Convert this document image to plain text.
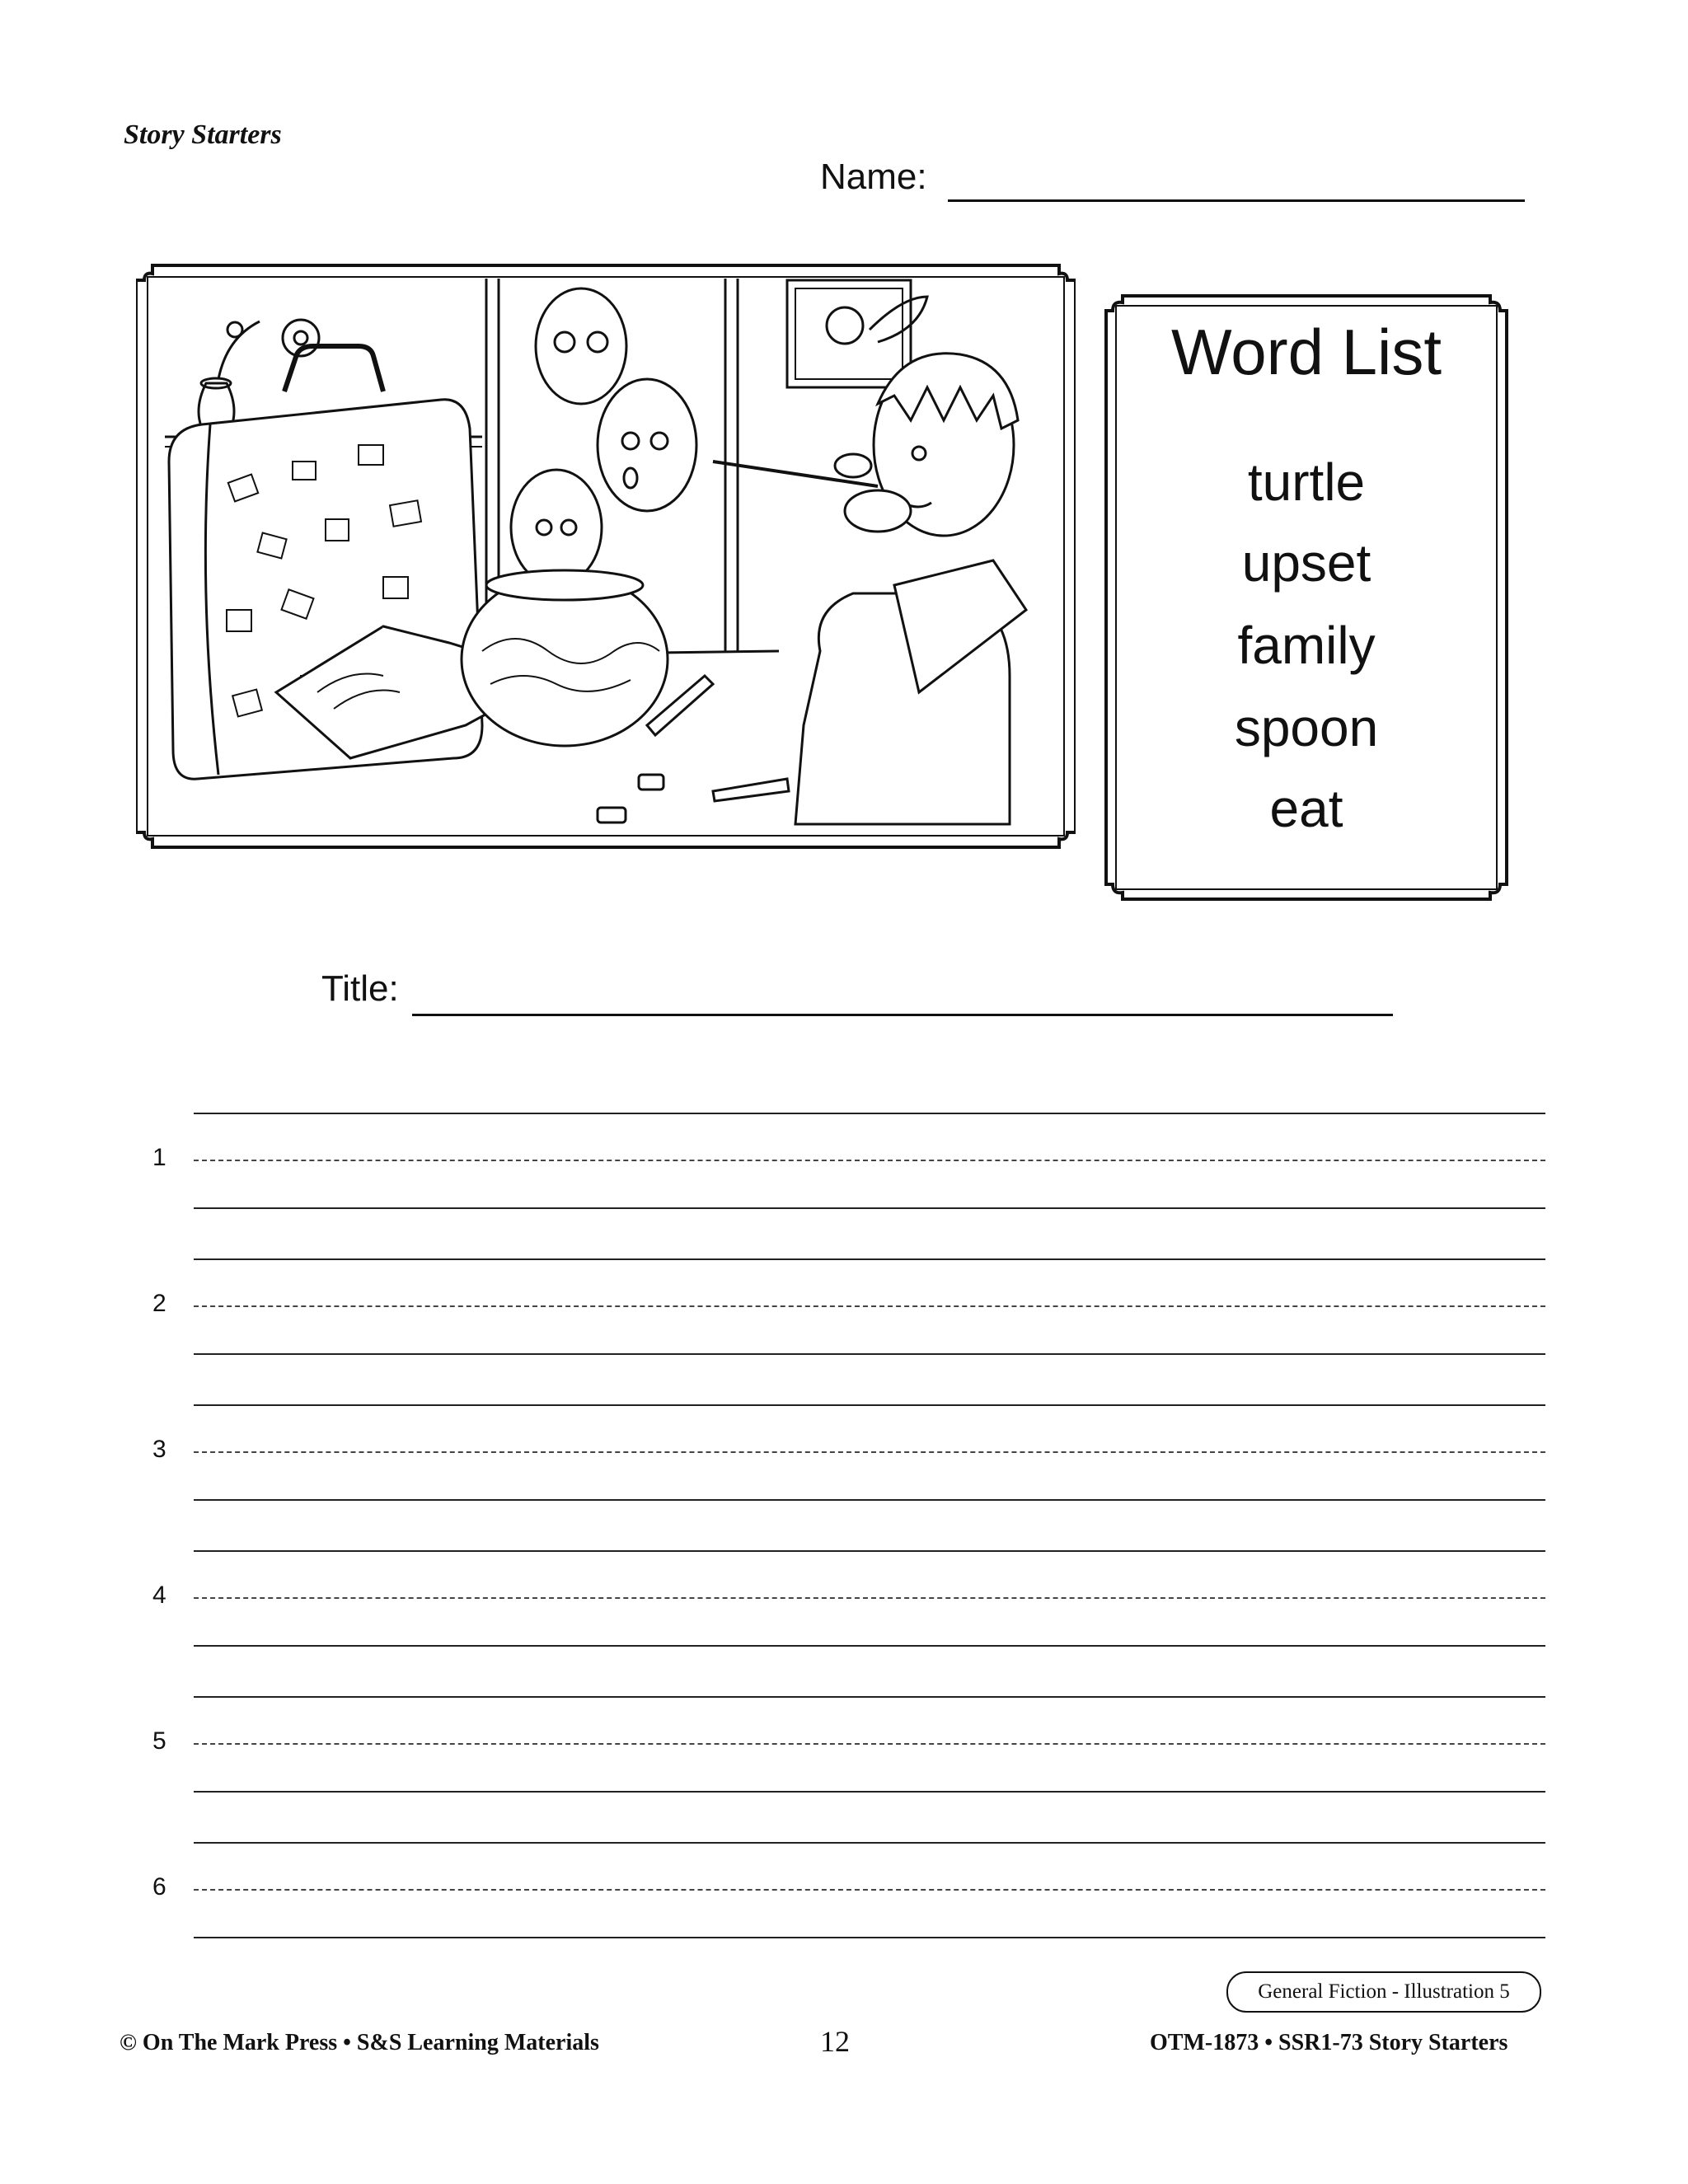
Story Starters
Name:
Word List
turtle
upset
family
spoon
eat
Title:
1
2
3
4
5
6
General Fiction - Illustration 5
© On The Mark Press • S&S Learning Materials	12	OTM-1873 • SSR1-73 Story Starters
